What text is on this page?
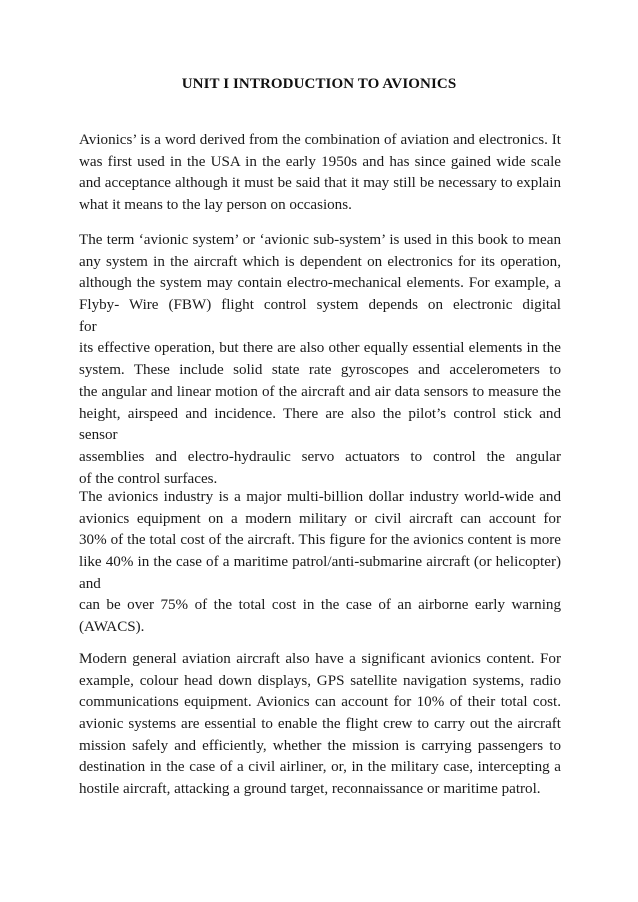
UNIT I INTRODUCTION TO AVIONICS
Avionics’ is a word derived from the combination of aviation and electronics. It
was first used in the USA in the early 1950s and has since gained wide scale
and acceptance although it must be said that it may still be necessary to explain
what it means to the lay person on occasions.
The term ‘avionic system’ or ‘avionic sub-system’ is used in this book to mean
any system in the aircraft which is dependent on electronics for its operation,
although the system may contain electro-mechanical elements. For example, a
Flyby- Wire (FBW) flight control system depends on electronic digital
for
its effective operation, but there are also other equally essential elements in the
system. These include solid state rate gyroscopes and accelerometers to
the angular and linear motion of the aircraft and air data sensors to measure the
height, airspeed and incidence. There are also the pilot’s control stick and
sensor
assemblies and electro-hydraulic servo actuators to control the angular
of the control surfaces.
The avionics industry is a major multi-billion dollar industry world-wide and
avionics equipment on a modern military or civil aircraft can account for
30% of the total cost of the aircraft. This figure for the avionics content is more
like 40% in the case of a maritime patrol/anti-submarine aircraft (or helicopter)
and
can be over 75% of the total cost in the case of an airborne early warning
(AWACS).
Modern general aviation aircraft also have a significant avionics content. For
example, colour head down displays, GPS satellite navigation systems, radio
communications equipment. Avionics can account for 10% of their total cost.
avionic systems are essential to enable the flight crew to carry out the aircraft
mission safely and efficiently, whether the mission is carrying passengers to
destination in the case of a civil airliner, or, in the military case, intercepting a
hostile aircraft, attacking a ground target, reconnaissance or maritime patrol.
